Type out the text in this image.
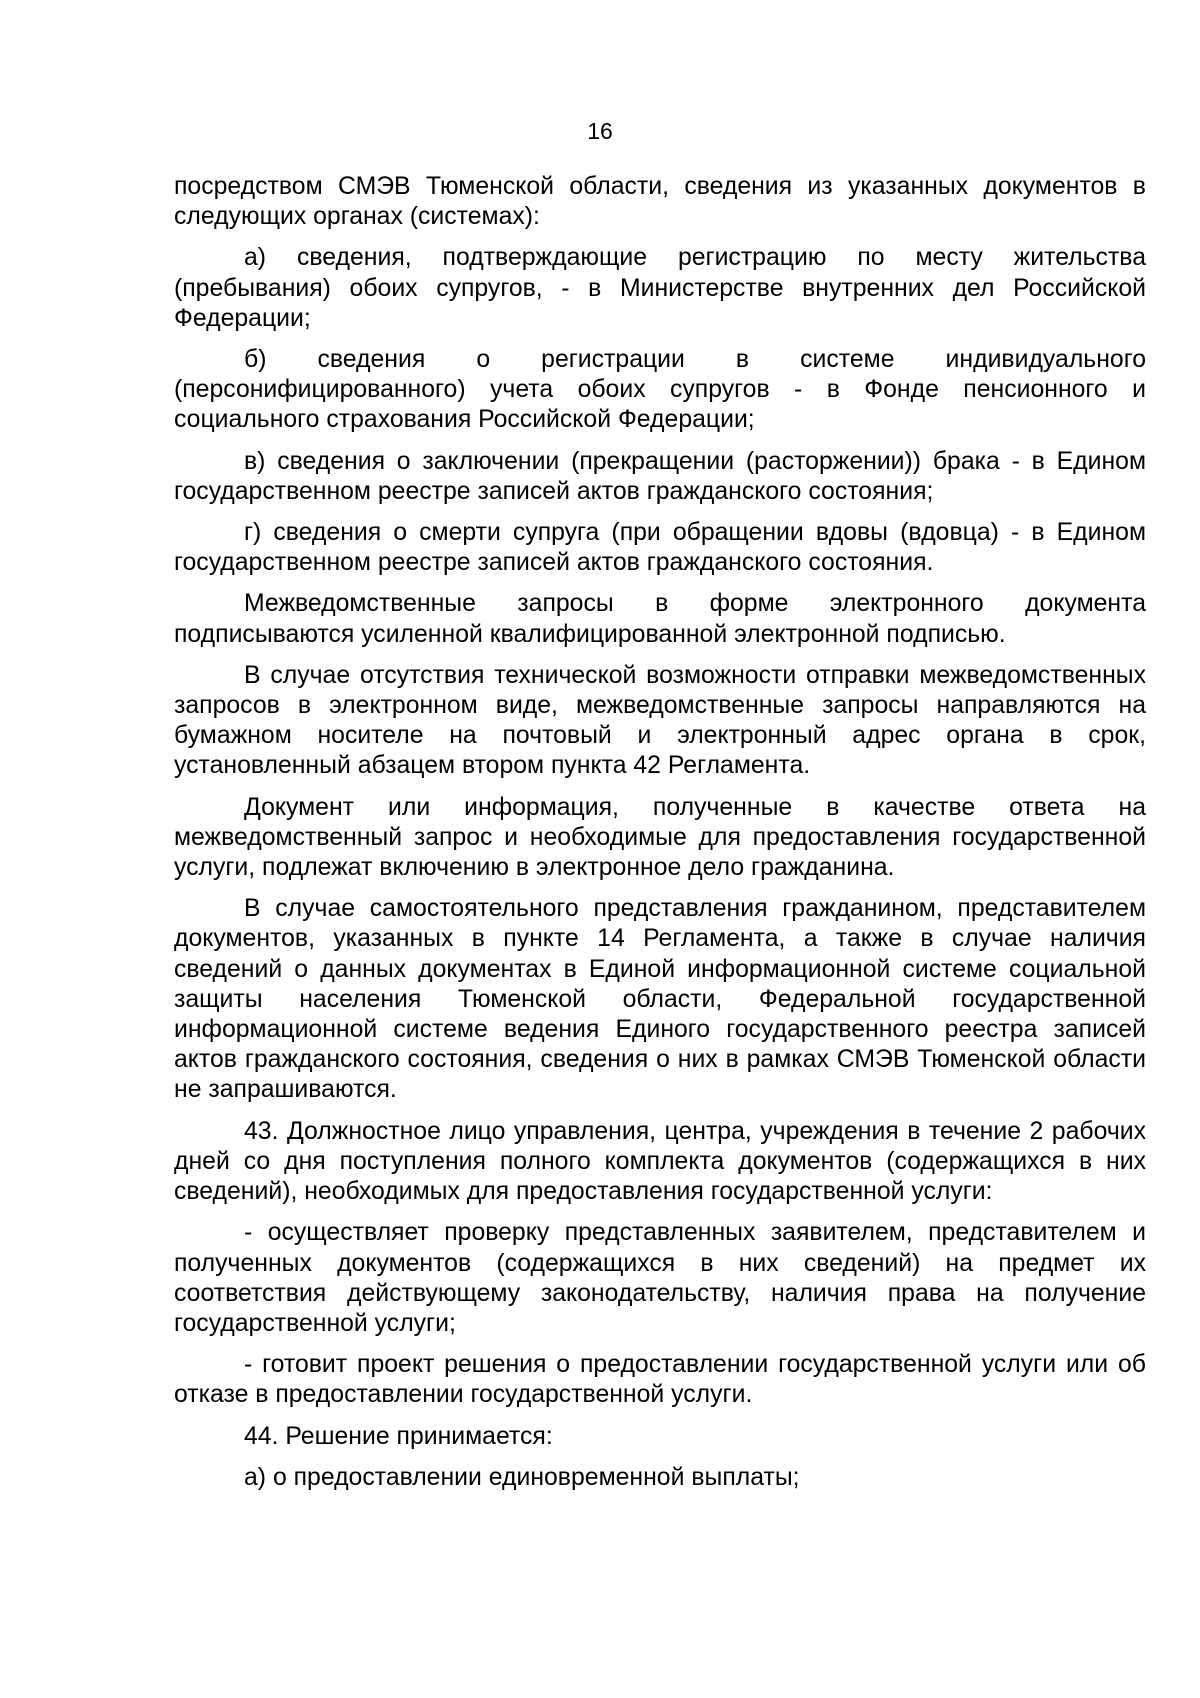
16

посредством СМЭВ Тюменской области, сведения из указанных документов в следующих органах (системах):

а) сведения, подтверждающие регистрацию по месту жительства (пребывания) обоих супругов, - в Министерстве внутренних дел Российской Федерации;

б) сведения о регистрации в системе индивидуального (персонифицированного) учета обоих супругов - в Фонде пенсионного и социального страхования Российской Федерации;

в) сведения о заключении (прекращении (расторжении)) брака - в Едином государственном реестре записей актов гражданского состояния;

г) сведения о смерти супруга (при обращении вдовы (вдовца) - в Едином государственном реестре записей актов гражданского состояния.

Межведомственные запросы в форме электронного документа подписываются усиленной квалифицированной электронной подписью.

В случае отсутствия технической возможности отправки межведомственных запросов в электронном виде, межведомственные запросы направляются на бумажном носителе на почтовый и электронный адрес органа в срок, установленный абзацем втором пункта 42 Регламента.

Документ или информация, полученные в качестве ответа на межведомственный запрос и необходимые для предоставления государственной услуги, подлежат включению в электронное дело гражданина.

В случае самостоятельного представления гражданином, представителем документов, указанных в пункте 14 Регламента, а также в случае наличия сведений о данных документах в Единой информационной системе социальной защиты населения Тюменской области, Федеральной государственной информационной системе ведения Единого государственного реестра записей актов гражданского состояния, сведения о них в рамках СМЭВ Тюменской области не запрашиваются.

43. Должностное лицо управления, центра, учреждения в течение 2 рабочих дней со дня поступления полного комплекта документов (содержащихся в них сведений), необходимых для предоставления государственной услуги:

- осуществляет проверку представленных заявителем, представителем и полученных документов (содержащихся в них сведений) на предмет их соответствия действующему законодательству, наличия права на получение государственной услуги;

- готовит проект решения о предоставлении государственной услуги или об отказе в предоставлении государственной услуги.

44. Решение принимается:

а) о предоставлении единовременной выплаты;
